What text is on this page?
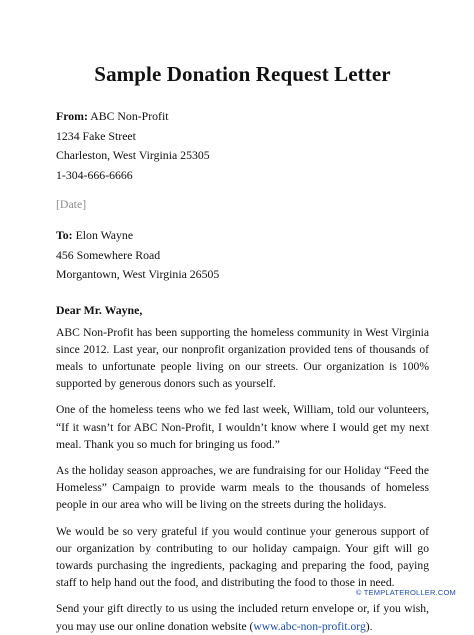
Sample Donation Request Letter
From: ABC Non-Profit
1234 Fake Street
Charleston, West Virginia 25305
1-304-666-6666
[Date]
To: Elon Wayne
456 Somewhere Road
Morgantown, West Virginia 26505
Dear Mr. Wayne,

ABC Non-Profit has been supporting the homeless community in West Virginia since 2012. Last year, our nonprofit organization provided tens of thousands of meals to unfortunate people living on our streets. Our organization is 100% supported by generous donors such as yourself.

One of the homeless teens who we fed last week, William, told our volunteers, “If it wasn’t for ABC Non-Profit, I wouldn’t know where I would get my next meal. Thank you so much for bringing us food.”

As the holiday season approaches, we are fundraising for our Holiday “Feed the Homeless” Campaign to provide warm meals to the thousands of homeless people in our area who will be living on the streets during the holidays.

We would be so very grateful if you would continue your generous support of our organization by contributing to our holiday campaign. Your gift will go towards purchasing the ingredients, packaging and preparing the food, paying staff to help hand out the food, and distributing the food to those in need.

Send your gift directly to us using the included return envelope or, if you wish, you may use our online donation website (www.abc-non-profit.org).

© TEMPLATEROLLER.COM
